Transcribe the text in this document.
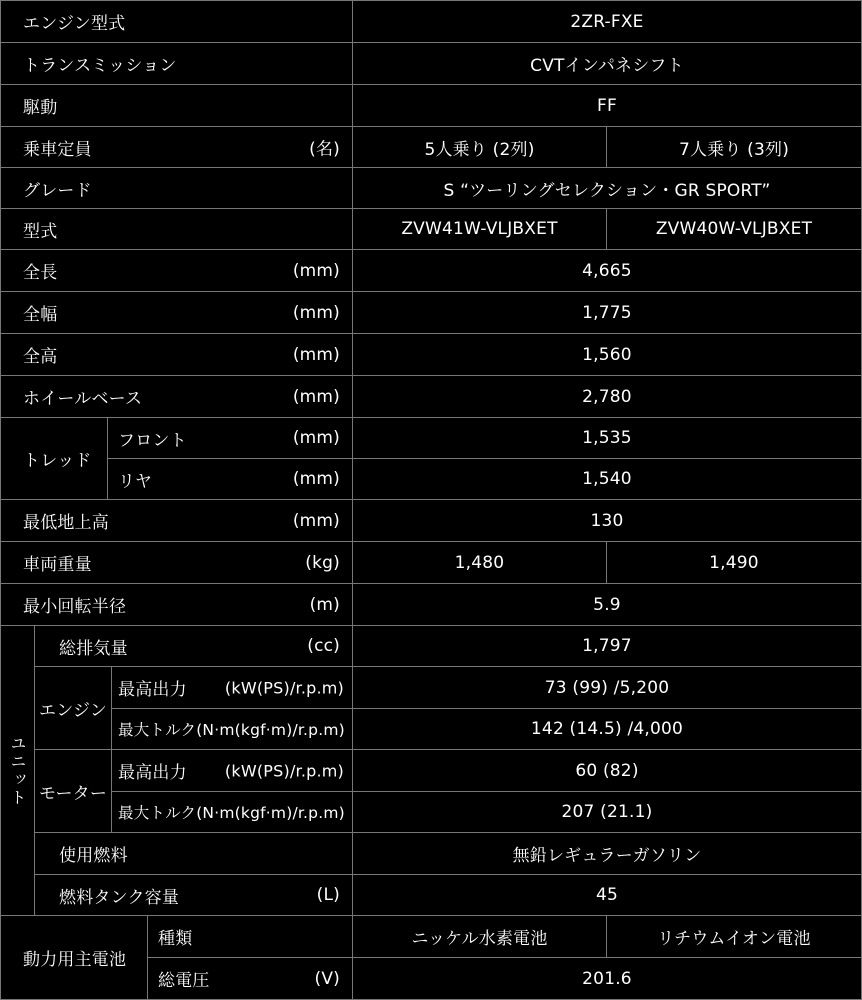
エンジン型式	2ZR-FXE
トランスミッション	CVTインパネシフト
駆動	FF
乗車定員	(名)	5人乗り (2列)	7人乗り (3列)
グレード	S “ツーリングセレクション・GR SPORT”
型式	ZVW41W-VLJBXET	ZVW40W-VLJBXET
全長	(mm)	4,665
全幅	(mm)	1,775
全高	(mm)	1,560
ホイールベース	(mm)	2,780
トレッド
フロント	(mm)	1,535
リヤ	(mm)	1,540
最低地上高	(mm)	130
車両重量	(kg)	1,480	1,490
最小回転半径	(m)	5.9
ユニット
総排気量	(cc)	1,797
エンジン
最高出力 (kW(PS)/r.p.m)	73 (99) /5,200
最大トルク(N·m(kgf·m)/r.p.m)	142 (14.5) /4,000
モーター
最高出力 (kW(PS)/r.p.m)	60 (82)
最大トルク(N·m(kgf·m)/r.p.m)	207 (21.1)
使用燃料	無鉛レギュラーガソリン
燃料タンク容量	(L)	45
動力用主電池
種類	ニッケル水素電池	リチウムイオン電池
総電圧	(V)	201.6
